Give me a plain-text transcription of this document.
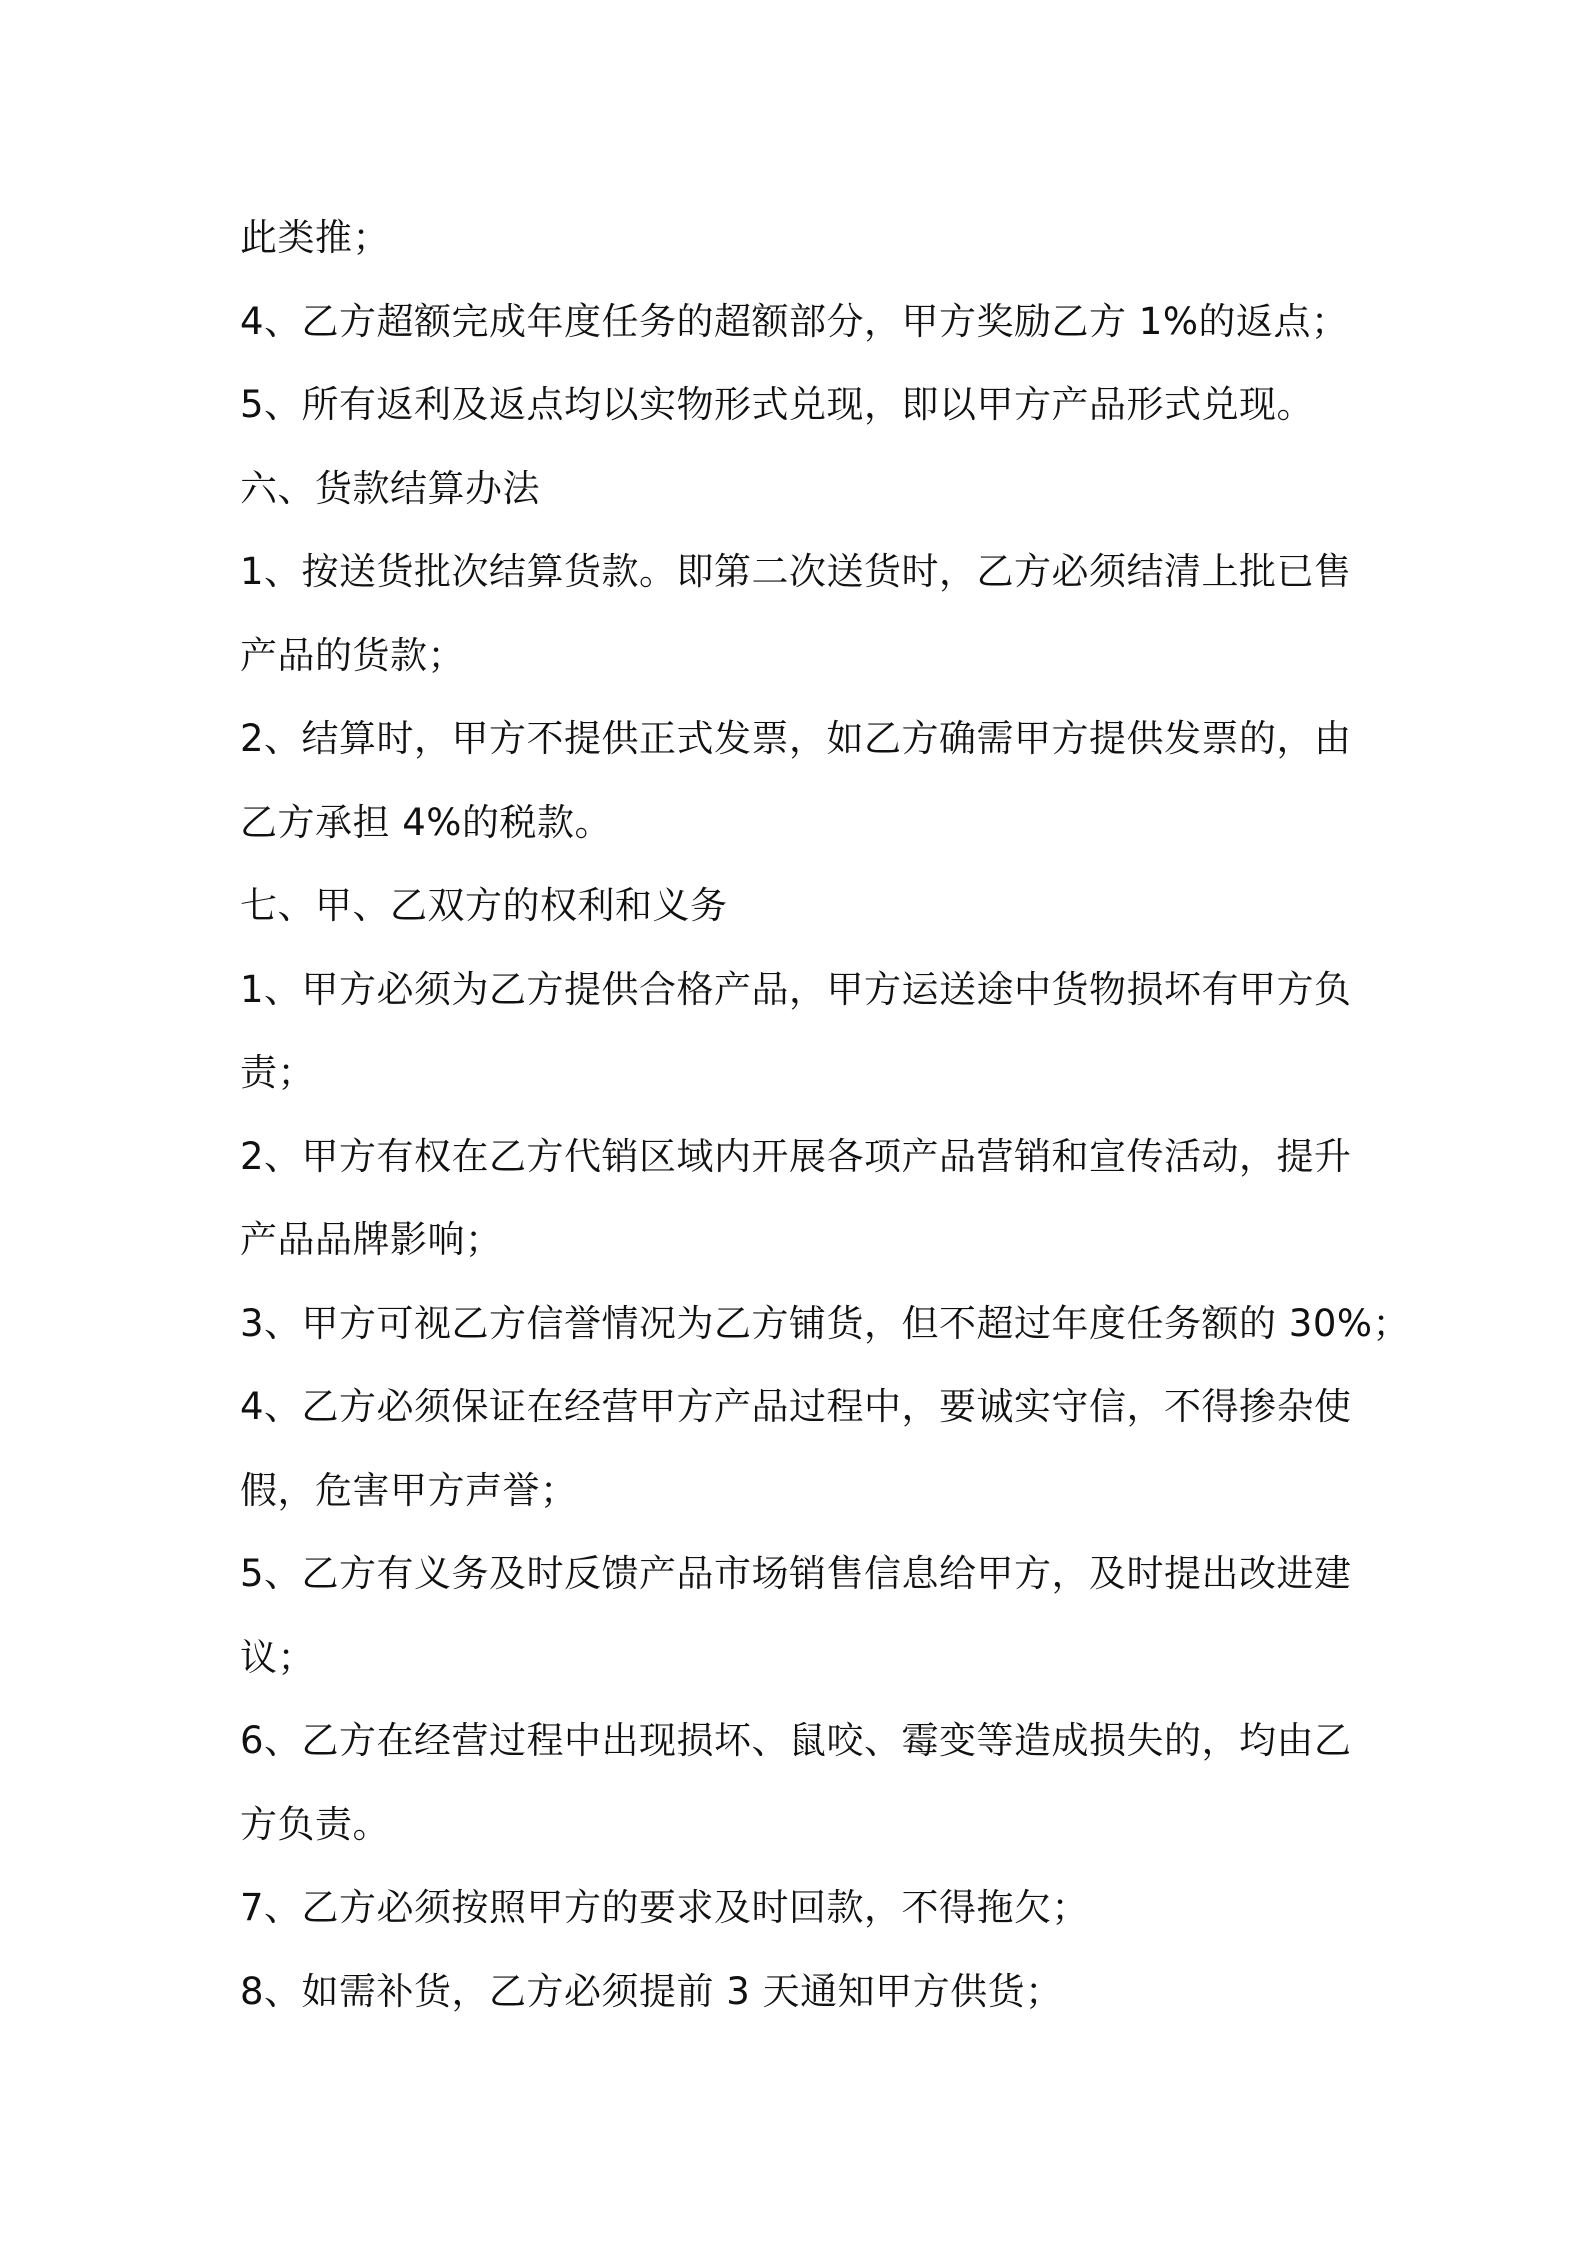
此类推；
4、乙方超额完成年度任务的超额部分，甲方奖励乙方 1%的返点；
5、所有返利及返点均以实物形式兑现，即以甲方产品形式兑现。
六、货款结算办法
1、按送货批次结算货款。即第二次送货时，乙方必须结清上批已售
产品的货款；
2、结算时，甲方不提供正式发票，如乙方确需甲方提供发票的，由
乙方承担 4%的税款。
七、甲、乙双方的权利和义务
1、甲方必须为乙方提供合格产品，甲方运送途中货物损坏有甲方负
责；
2、甲方有权在乙方代销区域内开展各项产品营销和宣传活动，提升
产品品牌影响；
3、甲方可视乙方信誉情况为乙方铺货，但不超过年度任务额的 30%；
4、乙方必须保证在经营甲方产品过程中，要诚实守信，不得掺杂使
假，危害甲方声誉；
5、乙方有义务及时反馈产品市场销售信息给甲方，及时提出改进建
议；
6、乙方在经营过程中出现损坏、鼠咬、霉变等造成损失的，均由乙
方负责。
7、乙方必须按照甲方的要求及时回款，不得拖欠；
8、如需补货，乙方必须提前 3 天通知甲方供货；
